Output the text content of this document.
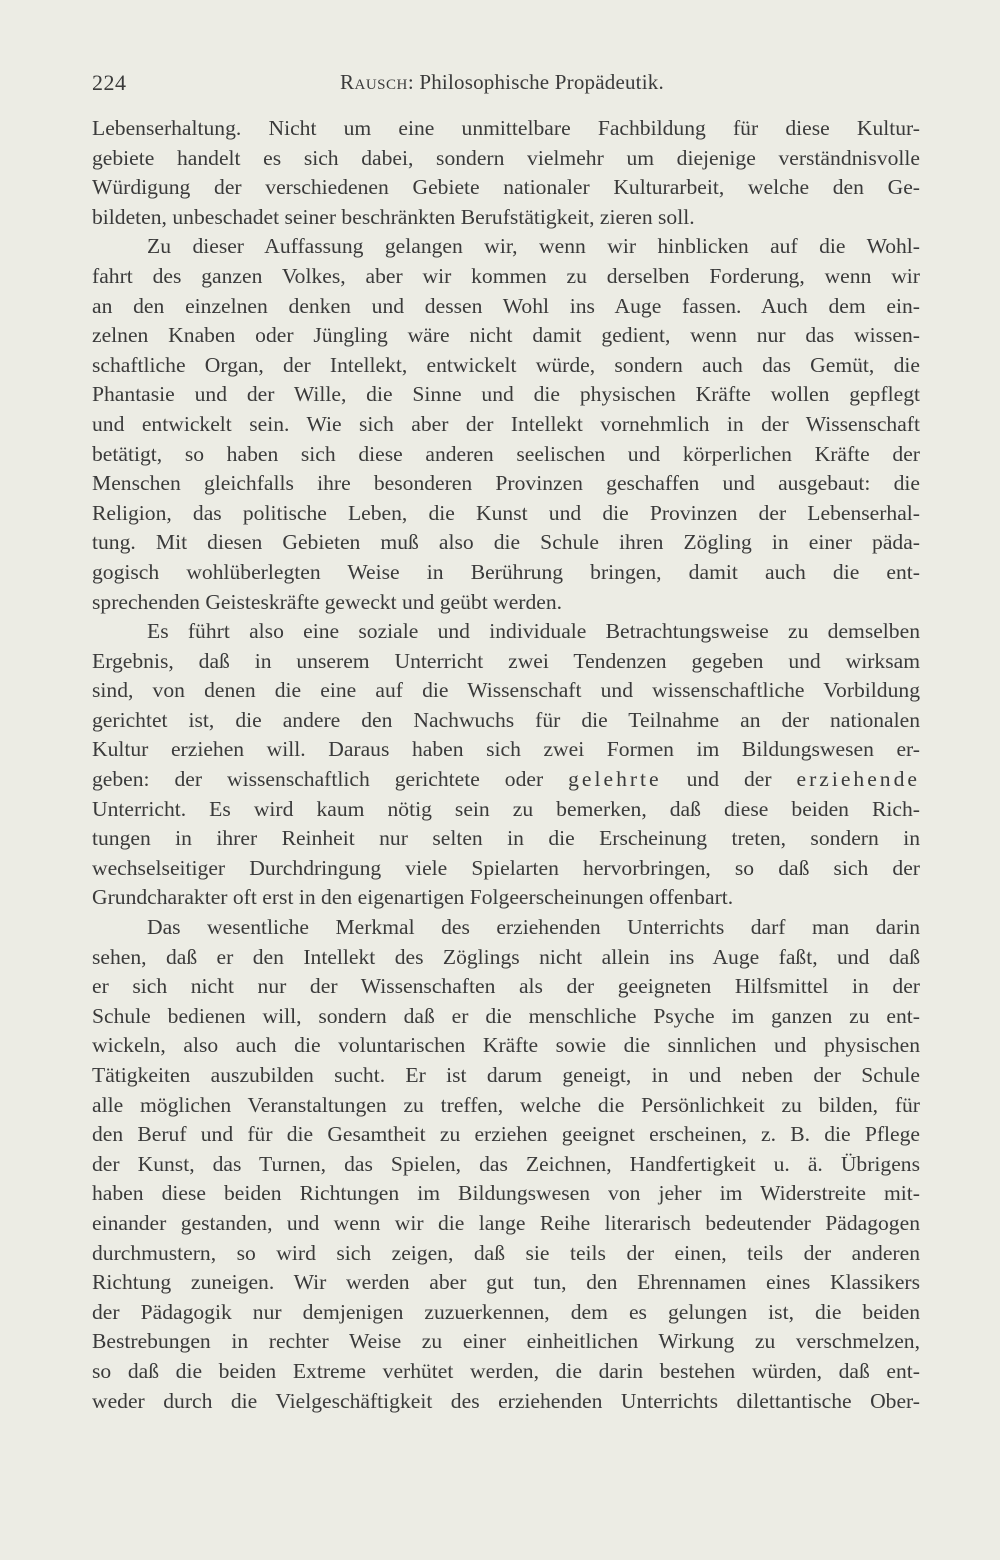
224	Rausch: Philosophische Propädeutik.
Lebenserhaltung. Nicht um eine unmittelbare Fachbildung für diese Kultur-
gebiete handelt es sich dabei, sondern vielmehr um diejenige verständnisvolle
Würdigung der verschiedenen Gebiete nationaler Kulturarbeit, welche den Ge-
bildeten, unbeschadet seiner beschränkten Berufstätigkeit, zieren soll.
Zu dieser Auffassung gelangen wir, wenn wir hinblicken auf die Wohl-
fahrt des ganzen Volkes, aber wir kommen zu derselben Forderung, wenn wir
an den einzelnen denken und dessen Wohl ins Auge fassen. Auch dem ein-
zelnen Knaben oder Jüngling wäre nicht damit gedient, wenn nur das wissen-
schaftliche Organ, der Intellekt, entwickelt würde, sondern auch das Gemüt, die
Phantasie und der Wille, die Sinne und die physischen Kräfte wollen gepflegt
und entwickelt sein. Wie sich aber der Intellekt vornehmlich in der Wissenschaft
betätigt, so haben sich diese anderen seelischen und körperlichen Kräfte der
Menschen gleichfalls ihre besonderen Provinzen geschaffen und ausgebaut: die
Religion, das politische Leben, die Kunst und die Provinzen der Lebenserhal-
tung. Mit diesen Gebieten muß also die Schule ihren Zögling in einer päda-
gogisch wohlüberlegten Weise in Berührung bringen, damit auch die ent-
sprechenden Geisteskräfte geweckt und geübt werden.
Es führt also eine soziale und individuale Betrachtungsweise zu demselben
Ergebnis, daß in unserem Unterricht zwei Tendenzen gegeben und wirksam
sind, von denen die eine auf die Wissenschaft und wissenschaftliche Vorbildung
gerichtet ist, die andere den Nachwuchs für die Teilnahme an der nationalen
Kultur erziehen will. Daraus haben sich zwei Formen im Bildungswesen er-
geben: der wissenschaftlich gerichtete oder gelehrte und der erziehende
Unterricht. Es wird kaum nötig sein zu bemerken, daß diese beiden Rich-
tungen in ihrer Reinheit nur selten in die Erscheinung treten, sondern in
wechselseitiger Durchdringung viele Spielarten hervorbringen, so daß sich der
Grundcharakter oft erst in den eigenartigen Folgeerscheinungen offenbart.
Das wesentliche Merkmal des erziehenden Unterrichts darf man darin
sehen, daß er den Intellekt des Zöglings nicht allein ins Auge faßt, und daß
er sich nicht nur der Wissenschaften als der geeigneten Hilfsmittel in der
Schule bedienen will, sondern daß er die menschliche Psyche im ganzen zu ent-
wickeln, also auch die voluntarischen Kräfte sowie die sinnlichen und physischen
Tätigkeiten auszubilden sucht. Er ist darum geneigt, in und neben der Schule
alle möglichen Veranstaltungen zu treffen, welche die Persönlichkeit zu bilden, für
den Beruf und für die Gesamtheit zu erziehen geeignet erscheinen, z. B. die Pflege
der Kunst, das Turnen, das Spielen, das Zeichnen, Handfertigkeit u. ä. Übrigens
haben diese beiden Richtungen im Bildungswesen von jeher im Widerstreite mit-
einander gestanden, und wenn wir die lange Reihe literarisch bedeutender Pädagogen
durchmustern, so wird sich zeigen, daß sie teils der einen, teils der anderen
Richtung zuneigen. Wir werden aber gut tun, den Ehrennamen eines Klassikers
der Pädagogik nur demjenigen zuzuerkennen, dem es gelungen ist, die beiden
Bestrebungen in rechter Weise zu einer einheitlichen Wirkung zu verschmelzen,
so daß die beiden Extreme verhütet werden, die darin bestehen würden, daß ent-
weder durch die Vielgeschäftigkeit des erziehenden Unterrichts dilettantische Ober-
